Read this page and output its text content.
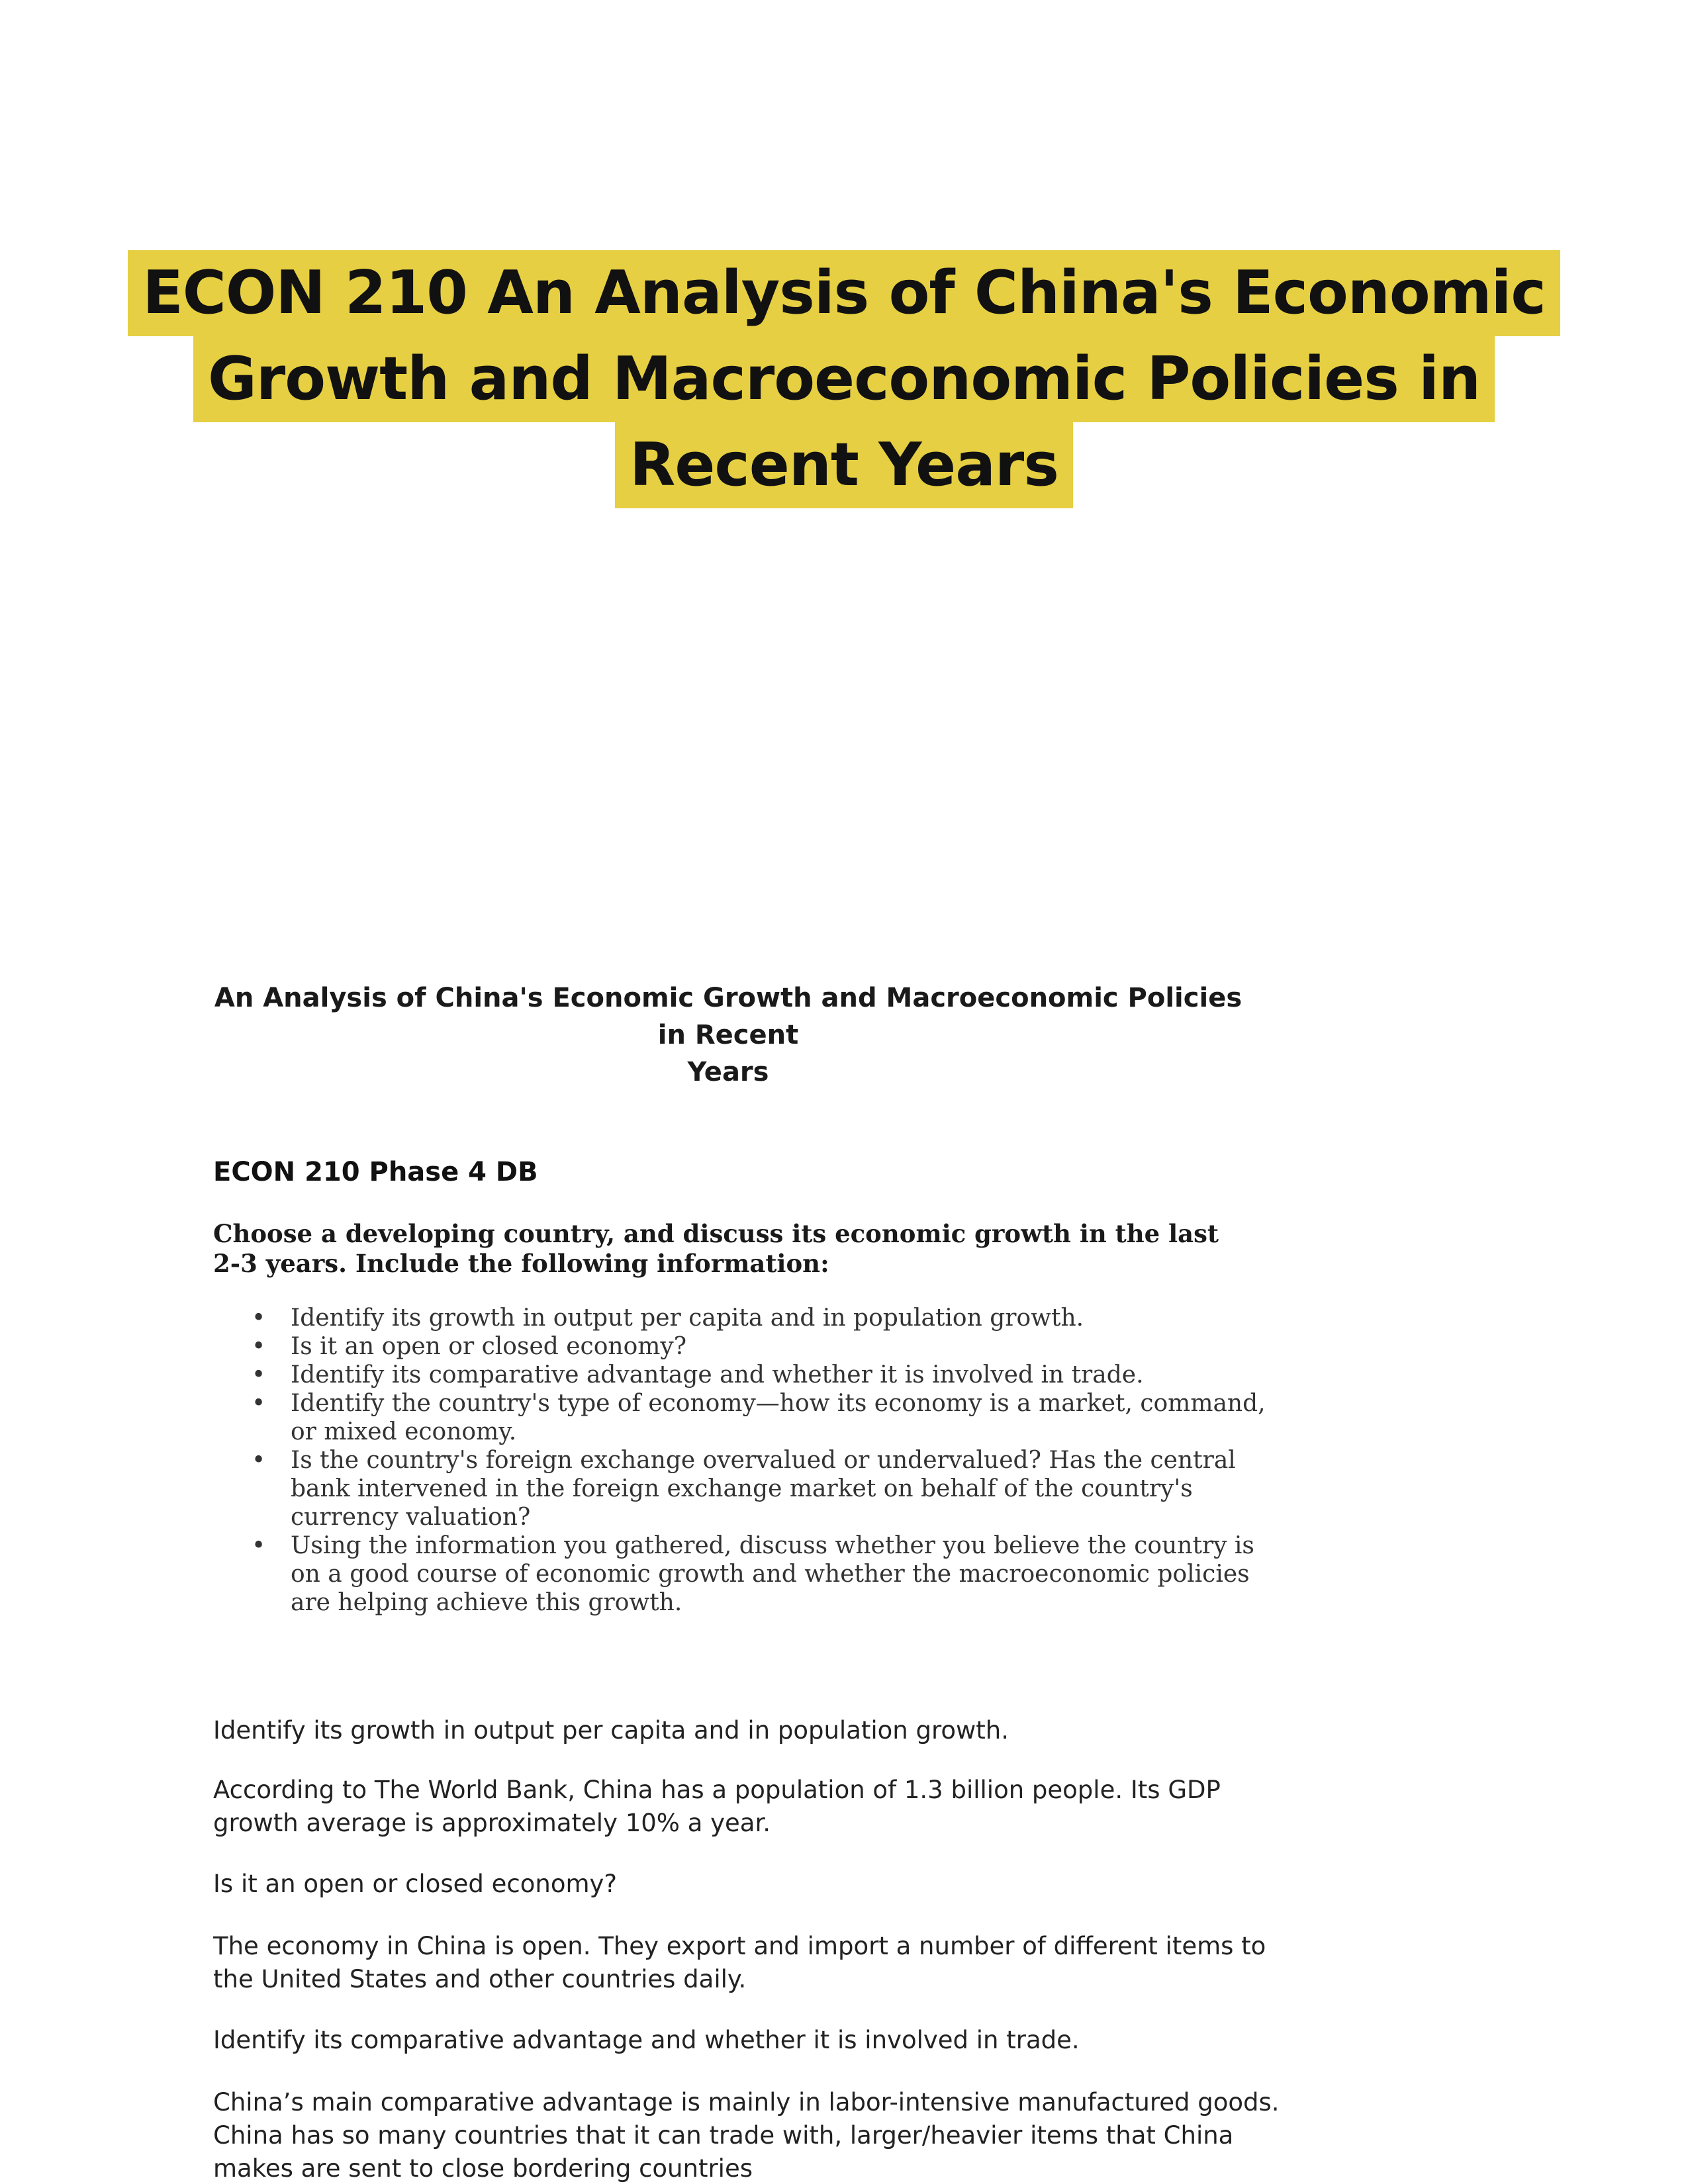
ECON 210 An Analysis of China's Economic
Growth and Macroeconomic Policies in
Recent Years
An Analysis of China's Economic Growth and Macroeconomic Policies in Recent
Years
ECON 210 Phase 4 DB
Choose a developing country, and discuss its economic growth in the last 2-3 years. Include the following information:
• Identify its growth in output per capita and in population growth.
• Is it an open or closed economy?
• Identify its comparative advantage and whether it is involved in trade.
• Identify the country's type of economy—how its economy is a market, command, or mixed economy.
• Is the country's foreign exchange overvalued or undervalued? Has the central bank intervened in the foreign exchange market on behalf of the country's currency valuation?
• Using the information you gathered, discuss whether you believe the country is on a good course of economic growth and whether the macroeconomic policies are helping achieve this growth.
Identify its growth in output per capita and in population growth.
According to The World Bank, China has a population of 1.3 billion people. Its GDP growth average is approximately 10% a year.
Is it an open or closed economy?
The economy in China is open. They export and import a number of different items to the United States and other countries daily.
Identify its comparative advantage and whether it is involved in trade.
China’s main comparative advantage is mainly in labor-intensive manufactured goods. China has so many countries that it can trade with, larger/heavier items that China makes are sent to close bordering countries
